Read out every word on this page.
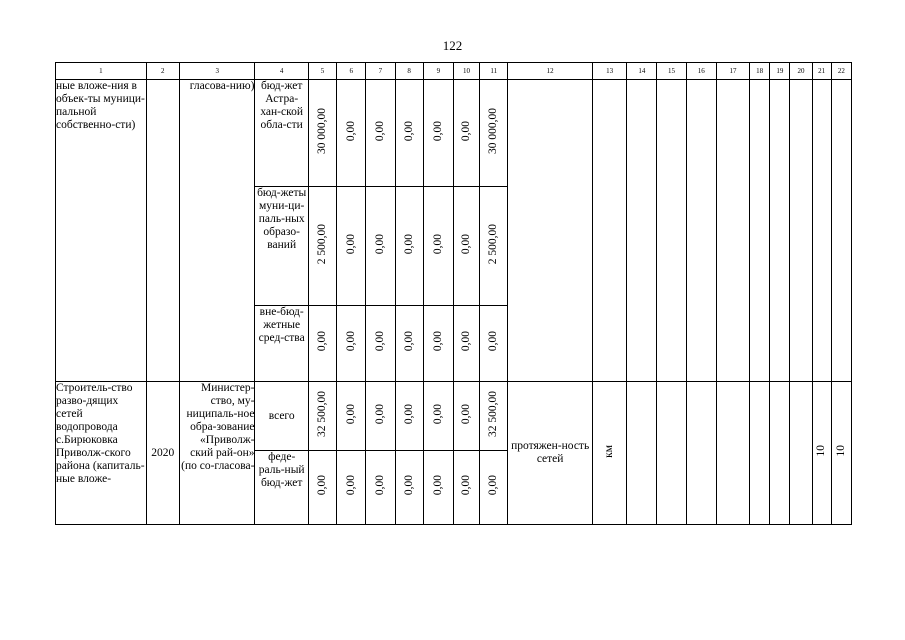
122
1	2	3	4	5	6	7	8	9	10	11	12	13	14	15	16	17	18	19	20	21	22
ные вложе-ния в объек-ты муници-пальной собственно-сти)		гласова-нию)	бюд-жет Астра-хан-ской обла-сти	30 000,00	0,00	0,00	0,00	0,00	0,00	30 000,00											
			бюд-жеты муни-ци-паль-ных образо-ваний	2 500,00	0,00	0,00	0,00	0,00	0,00	2 500,00											
			вне-бюд-жетные сред-ства	0,00	0,00	0,00	0,00	0,00	0,00	0,00											
Строитель-ство разво-дящих сетей водопровода с.Бирюковка Приволж-ского района (капиталь-ные вложе-	2020	Министер-ство, му-ниципаль-ное обра-зование «Приволж-ский рай-он» (по со-гласова-	всего	32 500,00	0,00	0,00	0,00	0,00	0,00	32 500,00	протяжен-ность сетей	км								10	10
			феде-раль-ный бюд-жет	0,00	0,00	0,00	0,00	0,00	0,00	0,00											
